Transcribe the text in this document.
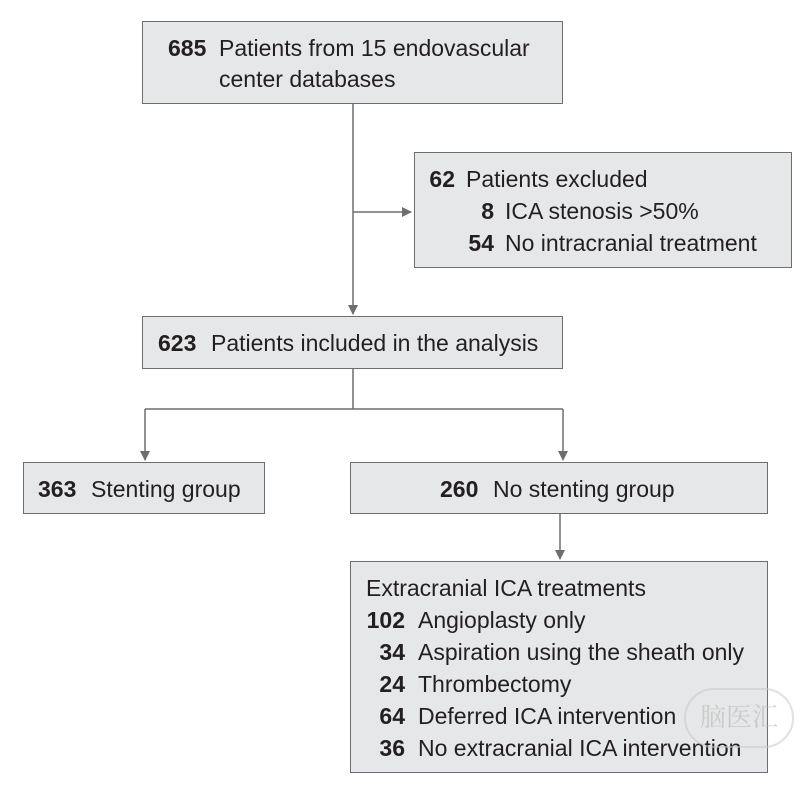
685 Patients from 15 endovascular
center databases
62 Patients excluded
8 ICA stenosis >50%
54 No intracranial treatment
623 Patients included in the analysis
363 Stenting group	260 No stenting group
Extracranial ICA treatments
102 Angioplasty only
34 Aspiration using the sheath only
24 Thrombectomy
64 Deferred ICA intervention
36 No extracranial ICA intervention
脑医汇
